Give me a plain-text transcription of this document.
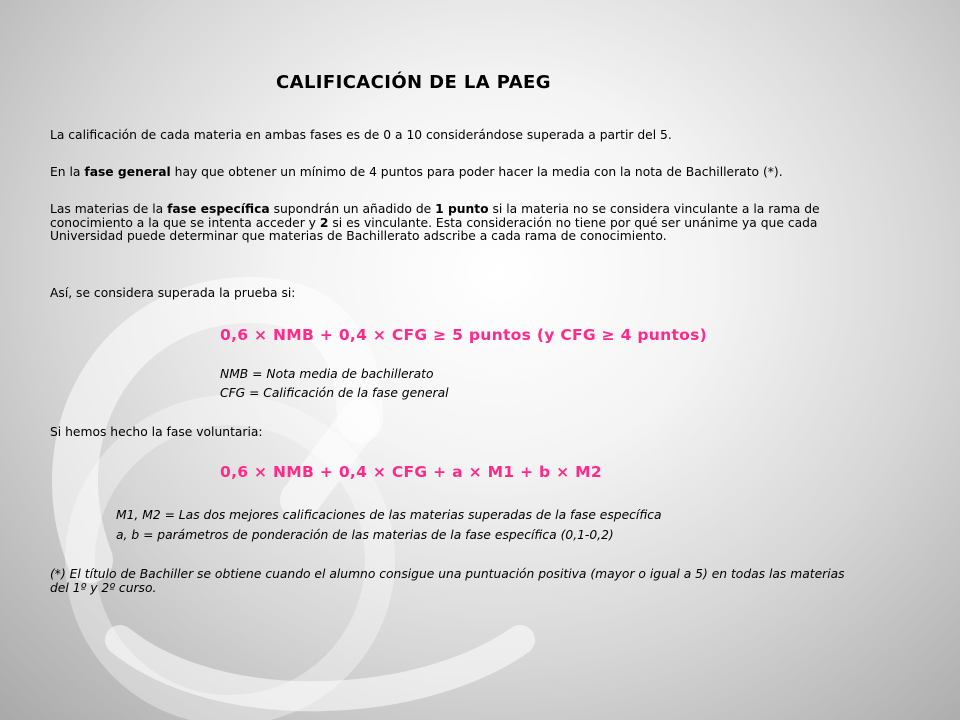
CALIFICACIÓN DE LA PAEG
La calificación de cada materia en ambas fases es de 0 a 10 considerándose superada a partir del 5.
En la fase general hay que obtener un mínimo de 4 puntos para poder hacer la media con la nota de Bachillerato (*).
Las materias de la fase específica supondrán un añadido de 1 punto si la materia no se considera vinculante a la rama de conocimiento a la que se intenta acceder y 2 si es vinculante. Esta consideración no tiene por qué ser unánime ya que cada Universidad puede determinar que materias de Bachillerato adscribe a cada rama de conocimiento.
Así, se considera superada la prueba si:
0,6 × NMB + 0,4 × CFG ≥ 5 puntos (y CFG ≥ 4 puntos)
NMB = Nota media de bachillerato
CFG = Calificación de la fase general
Si hemos hecho la fase voluntaria:
0,6 × NMB + 0,4 × CFG + a × M1 + b × M2
M1, M2 = Las dos mejores calificaciones de las materias superadas de la fase específica
a, b = parámetros de ponderación de las materias de la fase específica (0,1-0,2)
(*) El título de Bachiller se obtiene cuando el alumno consigue una puntuación positiva (mayor o igual a 5) en todas las materias del 1º y 2º curso.
